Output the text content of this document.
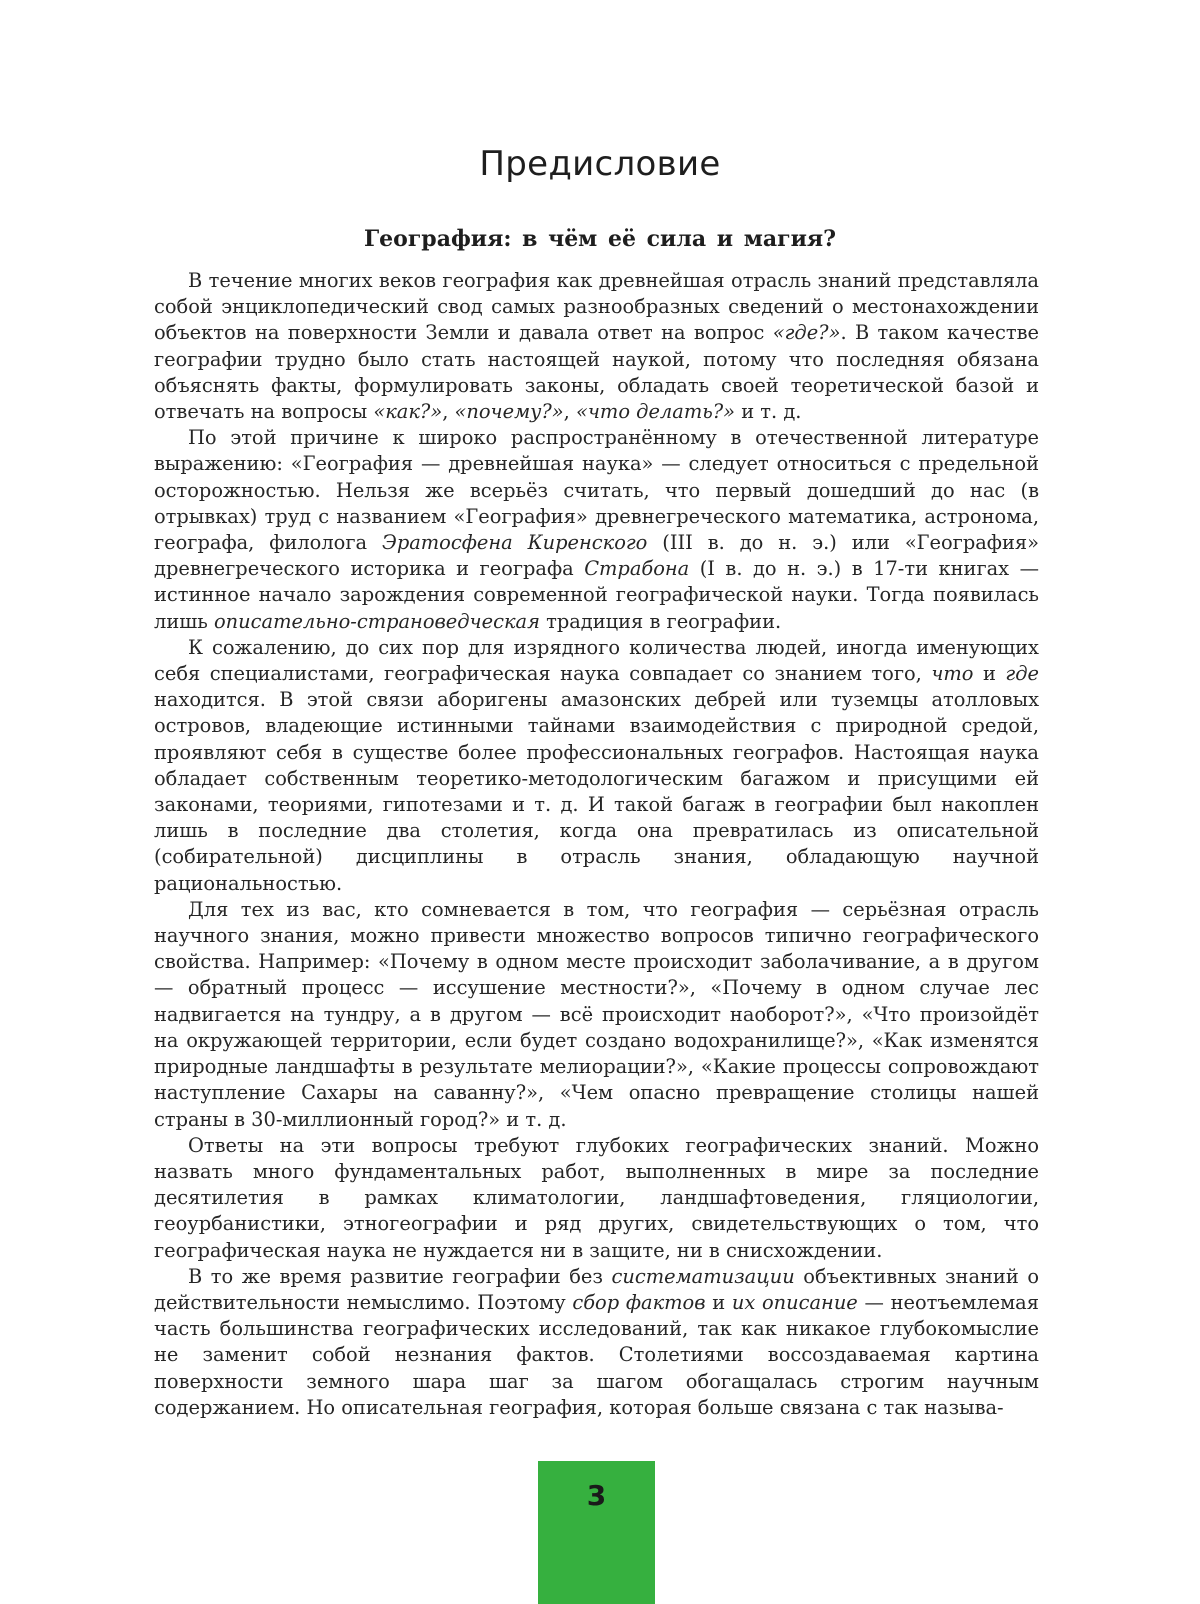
Предисловие
География: в чём её сила и магия?

В течение многих веков география как древнейшая отрасль знаний представляла собой энциклопедический свод самых разнообразных сведений о местонахождении объектов на поверхности Земли и давала ответ на вопрос «где?». В таком качестве географии трудно было стать настоящей наукой, потому что последняя обязана объяснять факты, формулировать законы, обладать своей теоретической базой и отвечать на вопросы «как?», «почему?», «что делать?» и т. д.

По этой причине к широко распространённому в отечественной литературе выражению: «География — древнейшая наука» — следует относиться с предельной осторожностью. Нельзя же всерьёз считать, что первый дошедший до нас (в отрывках) труд с названием «География» древнегреческого математика, астронома, географа, филолога Эратосфена Киренского (III в. до н. э.) или «География» древнегреческого историка и географа Страбона (I в. до н. э.) в 17-ти книгах — истинное начало зарождения современной географической науки. Тогда появилась лишь описательно-страноведческая традиция в географии.

К сожалению, до сих пор для изрядного количества людей, иногда именующих себя специалистами, географическая наука совпадает со знанием того, что и где находится. В этой связи аборигены амазонских дебрей или туземцы атолловых островов, владеющие истинными тайнами взаимодействия с природной средой, проявляют себя в существе более профессиональных географов. Настоящая наука обладает собственным теоретико-методологическим багажом и присущими ей законами, теориями, гипотезами и т. д. И такой багаж в географии был накоплен лишь в последние два столетия, когда она превратилась из описательной (собирательной) дисциплины в отрасль знания, обладающую научной рациональностью.

Для тех из вас, кто сомневается в том, что география — серьёзная отрасль научного знания, можно привести множество вопросов типично географического свойства. Например: «Почему в одном месте происходит заболачивание, а в другом — обратный процесс — иссушение местности?», «Почему в одном случае лес надвигается на тундру, а в другом — всё происходит наоборот?», «Что произойдёт на окружающей территории, если будет создано водохранилище?», «Как изменятся природные ландшафты в результате мелиорации?», «Какие процессы сопровождают наступление Сахары на саванну?», «Чем опасно превращение столицы нашей страны в 30-миллионный город?» и т. д.

Ответы на эти вопросы требуют глубоких географических знаний. Можно назвать много фундаментальных работ, выполненных в мире за последние десятилетия в рамках климатологии, ландшафтоведения, гляциологии, геоурбанистики, этногеографии и ряд других, свидетельствующих о том, что географическая наука не нуждается ни в защите, ни в снисхождении.

В то же время развитие географии без систематизации объективных знаний о действительности немыслимо. Поэтому сбор фактов и их описание — неотъемлемая часть большинства географических исследований, так как никакое глубокомыслие не заменит собой незнания фактов. Столетиями воссоздаваемая картина поверхности земного шара шаг за шагом обогащалась строгим научным содержанием. Но описательная география, которая больше связана с так называ-

3
